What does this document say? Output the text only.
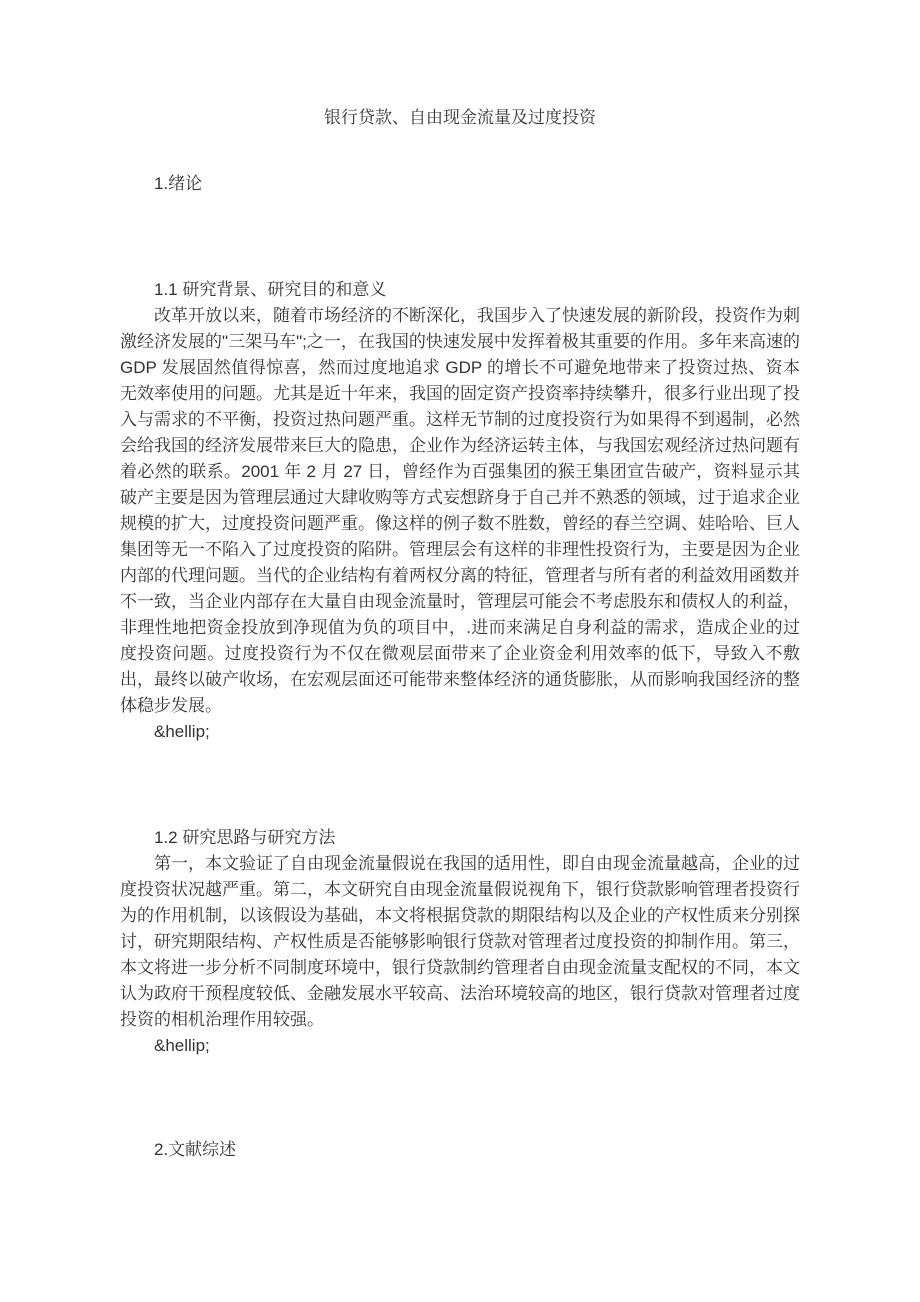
银行贷款、自由现金流量及过度投资

1.绪论

1.1 研究背景、研究目的和意义

改革开放以来，随着市场经济的不断深化，我国步入了快速发展的新阶段，投资作为刺激经济发展的"三架马车";之一，在我国的快速发展中发挥着极其重要的作用。多年来高速的 GDP 发展固然值得惊喜，然而过度地追求 GDP 的增长不可避免地带来了投资过热、资本无效率使用的问题。尤其是近十年来，我国的固定资产投资率持续攀升，很多行业出现了投入与需求的不平衡，投资过热问题严重。这样无节制的过度投资行为如果得不到遏制，必然会给我国的经济发展带来巨大的隐患，企业作为经济运转主体，与我国宏观经济过热问题有着必然的联系。2001 年 2 月 27 日，曾经作为百强集团的猴王集团宣告破产，资料显示其破产主要是因为管理层通过大肆收购等方式妄想跻身于自己并不熟悉的领域，过于追求企业规模的扩大，过度投资问题严重。像这样的例子数不胜数，曾经的春兰空调、娃哈哈、巨人集团等无一不陷入了过度投资的陷阱。管理层会有这样的非理性投资行为，主要是因为企业内部的代理问题。当代的企业结构有着两权分离的特征，管理者与所有者的利益效用函数并不一致，当企业内部存在大量自由现金流量时，管理层可能会不考虑股东和债权人的利益，非理性地把资金投放到净现值为负的项目中，.进而来满足自身利益的需求，造成企业的过度投资问题。过度投资行为不仅在微观层面带来了企业资金利用效率的低下，导致入不敷出，最终以破产收场，在宏观层面还可能带来整体经济的通货膨胀，从而影响我国经济的整体稳步发展。

&hellip;

1.2 研究思路与研究方法

第一，本文验证了自由现金流量假说在我国的适用性，即自由现金流量越高，企业的过度投资状况越严重。第二，本文研究自由现金流量假说视角下，银行贷款影响管理者投资行为的作用机制，以该假设为基础，本文将根据贷款的期限结构以及企业的产权性质来分别探讨，研究期限结构、产权性质是否能够影响银行贷款对管理者过度投资的抑制作用。第三，本文将进一步分析不同制度环境中，银行贷款制约管理者自由现金流量支配权的不同，本文认为政府干预程度较低、金融发展水平较高、法治环境较高的地区，银行贷款对管理者过度投资的相机治理作用较强。

&hellip;

2.文献综述
